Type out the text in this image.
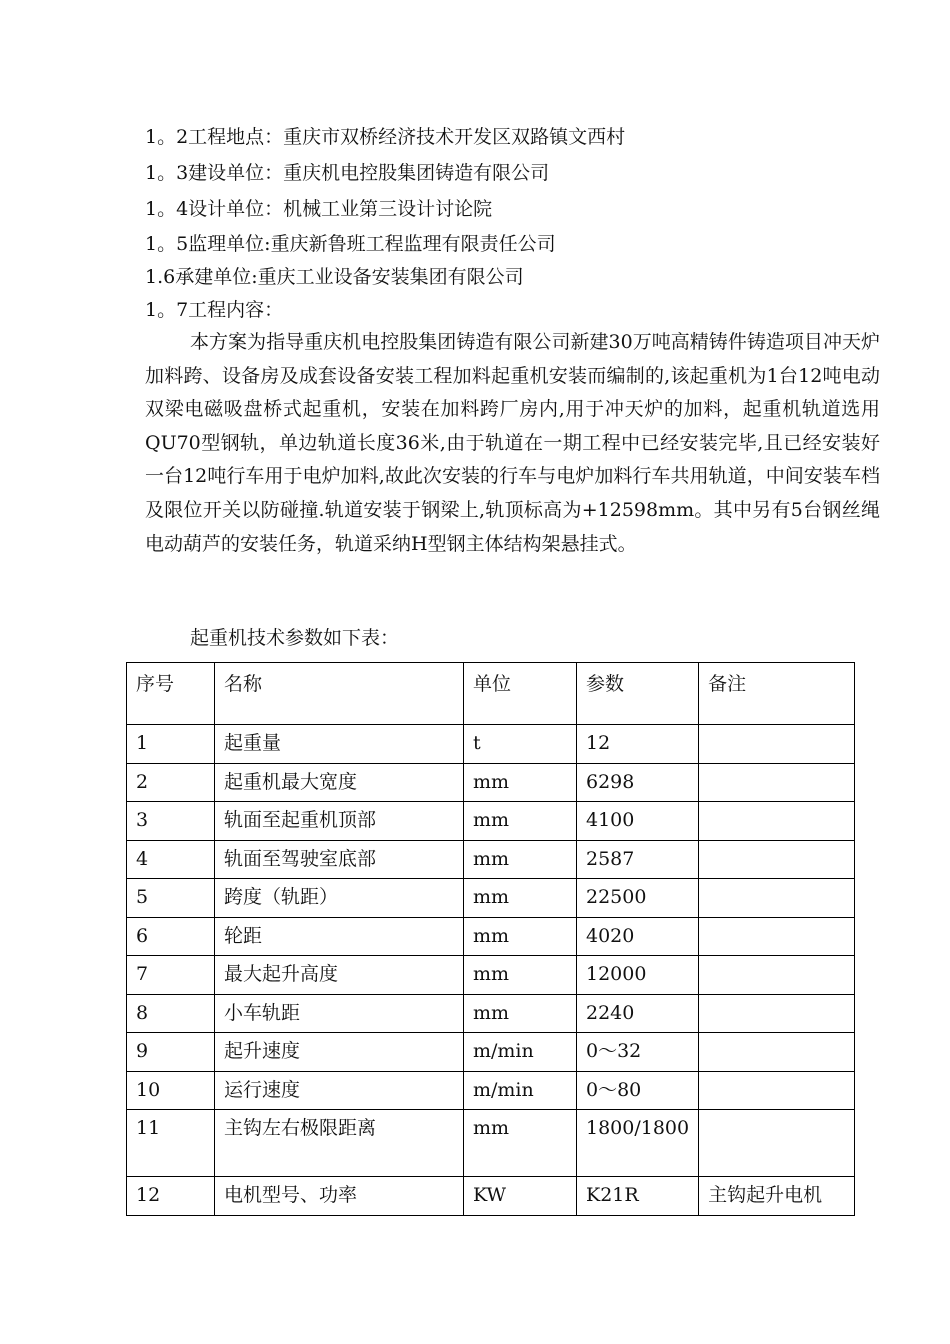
1。2工程地点：重庆市双桥经济技术开发区双路镇文西村
1。3建设单位：重庆机电控股集团铸造有限公司
1。4设计单位：机械工业第三设计讨论院
1。5监理单位:重庆新鲁班工程监理有限责任公司
1.6承建单位:重庆工业设备安装集团有限公司
1。7工程内容：
本方案为指导重庆机电控股集团铸造有限公司新建30万吨高精铸件铸造项目冲天炉加料跨、设备房及成套设备安装工程加料起重机安装而编制的,该起重机为1台12吨电动双梁电磁吸盘桥式起重机，安装在加料跨厂房内,用于冲天炉的加料，起重机轨道选用QU70型钢轨，单边轨道长度36米,由于轨道在一期工程中已经安装完毕,且已经安装好一台12吨行车用于电炉加料,故此次安装的行车与电炉加料行车共用轨道，中间安装车档及限位开关以防碰撞.轨道安装于钢梁上,轨顶标高为+12598mm。其中另有5台钢丝绳电动葫芦的安装任务，轨道采纳H型钢主体结构架悬挂式。
起重机技术参数如下表：
序号	名称	单位	参数	备注
1	起重量	t	12	
2	起重机最大宽度	mm	6298	
3	轨面至起重机顶部	mm	4100	
4	轨面至驾驶室底部	mm	2587	
5	跨度（轨距）	mm	22500	
6	轮距	mm	4020	
7	最大起升高度	mm	12000	
8	小车轨距	mm	2240	
9	起升速度	m/min	0～32	
10	运行速度	m/min	0～80	
11	主钩左右极限距离	mm	1800/1800	
12	电机型号、功率	KW	K21R	主钩起升电机
